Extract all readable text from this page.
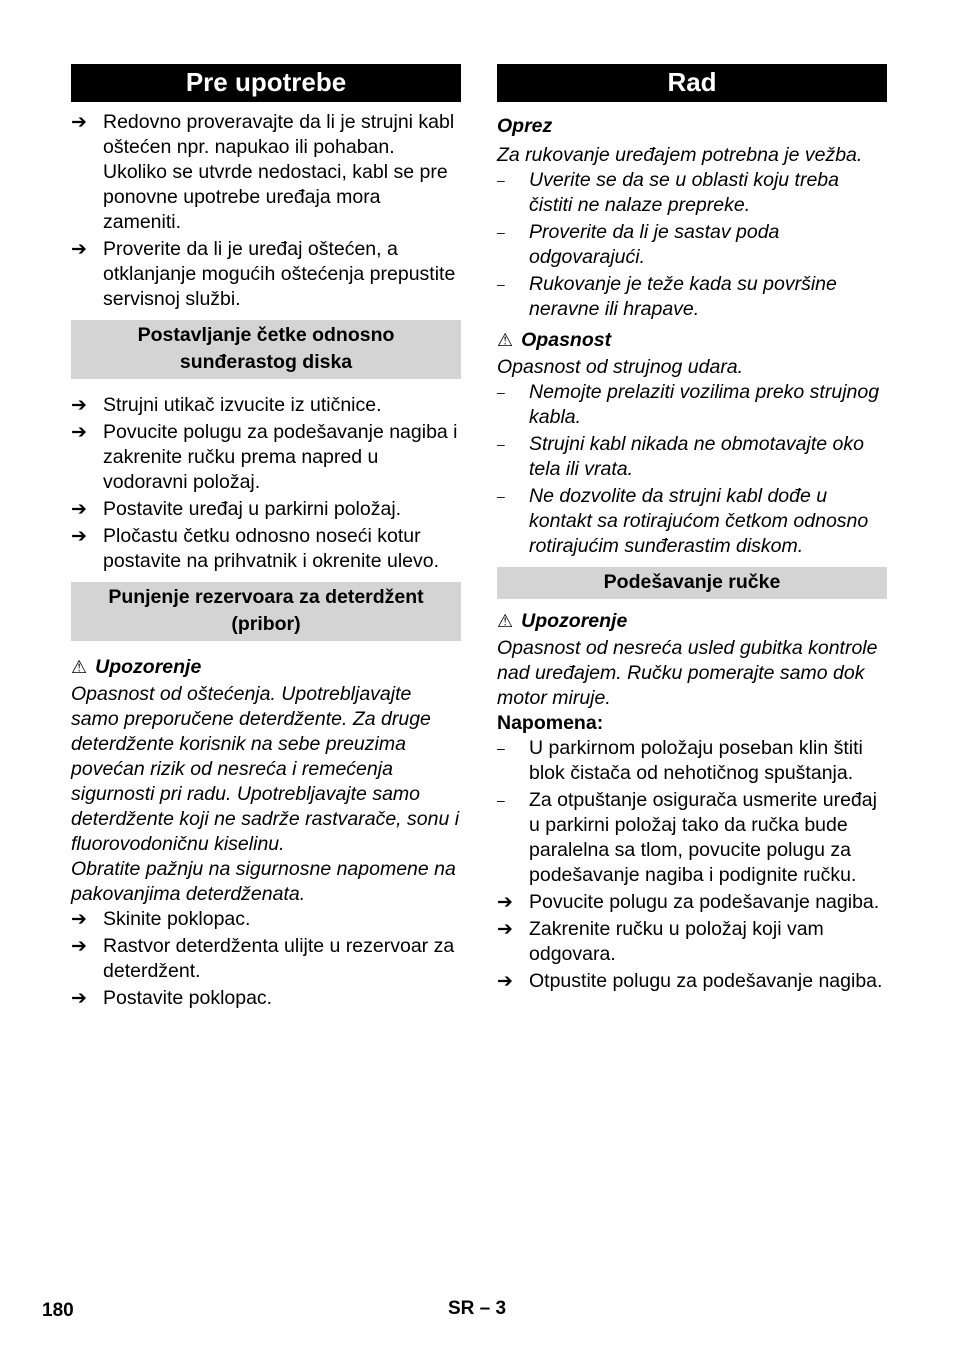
Pre upotrebe
➔ Redovno proveravajte da li je strujni kabl oštećen npr. napukao ili pohaban. Ukoliko se utvrde nedostaci, kabl se pre ponovne upotrebe uređaja mora zameniti.
➔ Proverite da li je uređaj oštećen, a otklanjanje mogućih oštećenja prepustite servisnoj službi.
Postavljanje četke odnosno sunđerastog diska
➔ Strujni utikač izvucite iz utičnice.
➔ Povucite polugu za podešavanje nagiba i zakrenite ručku prema napred u vodoravni položaj.
➔ Postavite uređaj u parkirni položaj.
➔ Pločastu četku odnosno noseći kotur postavite na prihvatnik i okrenite ulevo.
Punjenje rezervoara za deterdžent (pribor)
⚠ Upozorenje

Opasnost od oštećenja. Upotrebljavajte samo preporučene deterdžente. Za druge deterdžente korisnik na sebe preuzima povećan rizik od nesreća i remećenja sigurnosti pri radu. Upotrebljavajte samo deterdžente koji ne sadrže rastvarače, sonu i fluorovodoničnu kiselinu.

Obratite pažnju na sigurnosne napomene na pakovanjima deterdženata.

➔ Skinite poklopac.
➔ Rastvor deterdženta ulijte u rezervoar za deterdžent.
➔ Postavite poklopac.
Rad

Oprez

Za rukovanje uređajem potrebna je vežba.

–	Uverite se da se u oblasti koju treba čistiti ne nalaze prepreke.
–	Proverite da li je sastav poda odgovarajući.
–	Rukovanje je teže kada su površine neravne ili hrapave.
⚠ Opasnost

Opasnost od strujnog udara.

–	Nemojte prelaziti vozilima preko strujnog kabla.
–	Strujni kabl nikada ne obmotavajte oko tela ili vrata.
–	Ne dozvolite da strujni kabl dođe u kontakt sa rotirajućom četkom odnosno rotirajućim sunđerastim diskom.
Podešavanje ručke
⚠ Upozorenje

Opasnost od nesreća usled gubitka kontrole nad uređajem. Ručku pomerajte samo dok motor miruje.

Napomena:

–	U parkirnom položaju poseban klin štiti blok čistača od nehotičnog spuštanja.
–	Za otpuštanje osigurača usmerite uređaj u parkirni položaj tako da ručka bude paralelna sa tlom, povucite polugu za podešavanje nagiba i podignite ručku.
➔ Povucite polugu za podešavanje nagiba.
➔ Zakrenite ručku u položaj koji vam odgovara.
➔ Otpustite polugu za podešavanje nagiba.
180	SR – 3
